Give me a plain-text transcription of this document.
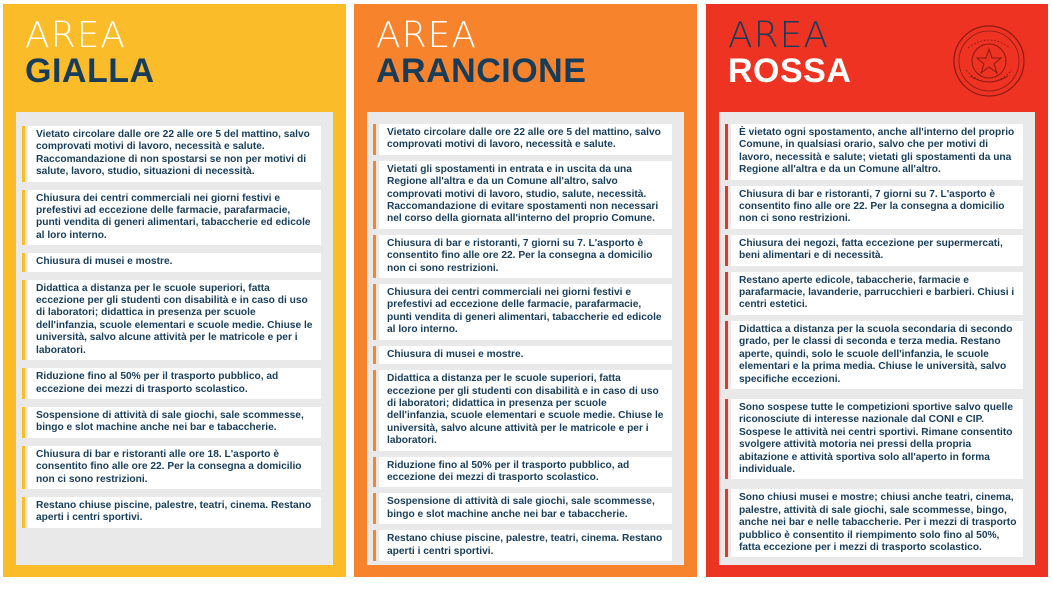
AREA
GIALLA
Vietato circolare dalle ore 22 alle ore 5 del mattino, salvo comprovati motivi di lavoro, necessità e salute. Raccomandazione di non spostarsi se non per motivi di salute, lavoro, studio, situazioni di necessità.
Chiusura dei centri commerciali nei giorni festivi e prefestivi ad eccezione delle farmacie, parafarmacie, punti vendita di generi alimentari, tabaccherie ed edicole al loro interno.
Chiusura di musei e mostre.
Didattica a distanza per le scuole superiori, fatta eccezione per gli studenti con disabilità e in caso di uso di laboratori; didattica in presenza per scuole dell'infanzia, scuole elementari e scuole medie. Chiuse le università, salvo alcune attività per le matricole e per i laboratori.
Riduzione fino al 50% per il trasporto pubblico, ad eccezione dei mezzi di trasporto scolastico.
Sospensione di attività di sale giochi, sale scommesse, bingo e slot machine anche nei bar e tabaccherie.
Chiusura di bar e ristoranti alle ore 18. L'asporto è consentito fino alle ore 22. Per la consegna a domicilio non ci sono restrizioni.
Restano chiuse piscine, palestre, teatri, cinema. Restano aperti i centri sportivi.
AREA
ARANCIONE
Vietato circolare dalle ore 22 alle ore 5 del mattino, salvo comprovati motivi di lavoro, necessità e salute.
Vietati gli spostamenti in entrata e in uscita da una Regione all'altra e da un Comune all'altro, salvo comprovati motivi di lavoro, studio, salute, necessità. Raccomandazione di evitare spostamenti non necessari nel corso della giornata all'interno del proprio Comune.
Chiusura di bar e ristoranti, 7 giorni su 7. L'asporto è consentito fino alle ore 22. Per la consegna a domicilio non ci sono restrizioni.
Chiusura dei centri commerciali nei giorni festivi e prefestivi ad eccezione delle farmacie, parafarmacie, punti vendita di generi alimentari, tabaccherie ed edicole al loro interno.
Chiusura di musei e mostre.
Didattica a distanza per le scuole superiori, fatta eccezione per gli studenti con disabilità e in caso di uso di laboratori; didattica in presenza per scuole dell'infanzia, scuole elementari e scuole medie. Chiuse le università, salvo alcune attività per le matricole e per i laboratori.
Riduzione fino al 50% per il trasporto pubblico, ad eccezione dei mezzi di trasporto scolastico.
Sospensione di attività di sale giochi, sale scommesse, bingo e slot machine anche nei bar e tabaccherie.
Restano chiuse piscine, palestre, teatri, cinema. Restano aperti i centri sportivi.
AREA
ROSSA
È vietato ogni spostamento, anche all'interno del proprio Comune, in qualsiasi orario, salvo che per motivi di lavoro, necessità e salute; vietati gli spostamenti da una Regione all'altra e da un Comune all'altro.
Chiusura di bar e ristoranti, 7 giorni su 7. L'asporto è consentito fino alle ore 22. Per la consegna a domicilio non ci sono restrizioni.
Chiusura dei negozi, fatta eccezione per supermercati, beni alimentari e di necessità.
Restano aperte edicole, tabaccherie, farmacie e parafarmacie, lavanderie, parrucchieri e barbieri. Chiusi i centri estetici.
Didattica a distanza per la scuola secondaria di secondo grado, per le classi di seconda e terza media. Restano aperte, quindi, solo le scuole dell'infanzia, le scuole elementari e la prima media. Chiuse le università, salvo specifiche eccezioni.
Sono sospese tutte le competizioni sportive salvo quelle riconosciute di interesse nazionale dal CONI e CIP. Sospese le attività nei centri sportivi. Rimane consentito svolgere attività motoria nei pressi della propria abitazione e attività sportiva solo all'aperto in forma individuale.
Sono chiusi musei e mostre; chiusi anche teatri, cinema, palestre, attività di sale giochi, sale scommesse, bingo, anche nei bar e nelle tabaccherie. Per i mezzi di trasporto pubblico è consentito il riempimento solo fino al 50%, fatta eccezione per i mezzi di trasporto scolastico.
